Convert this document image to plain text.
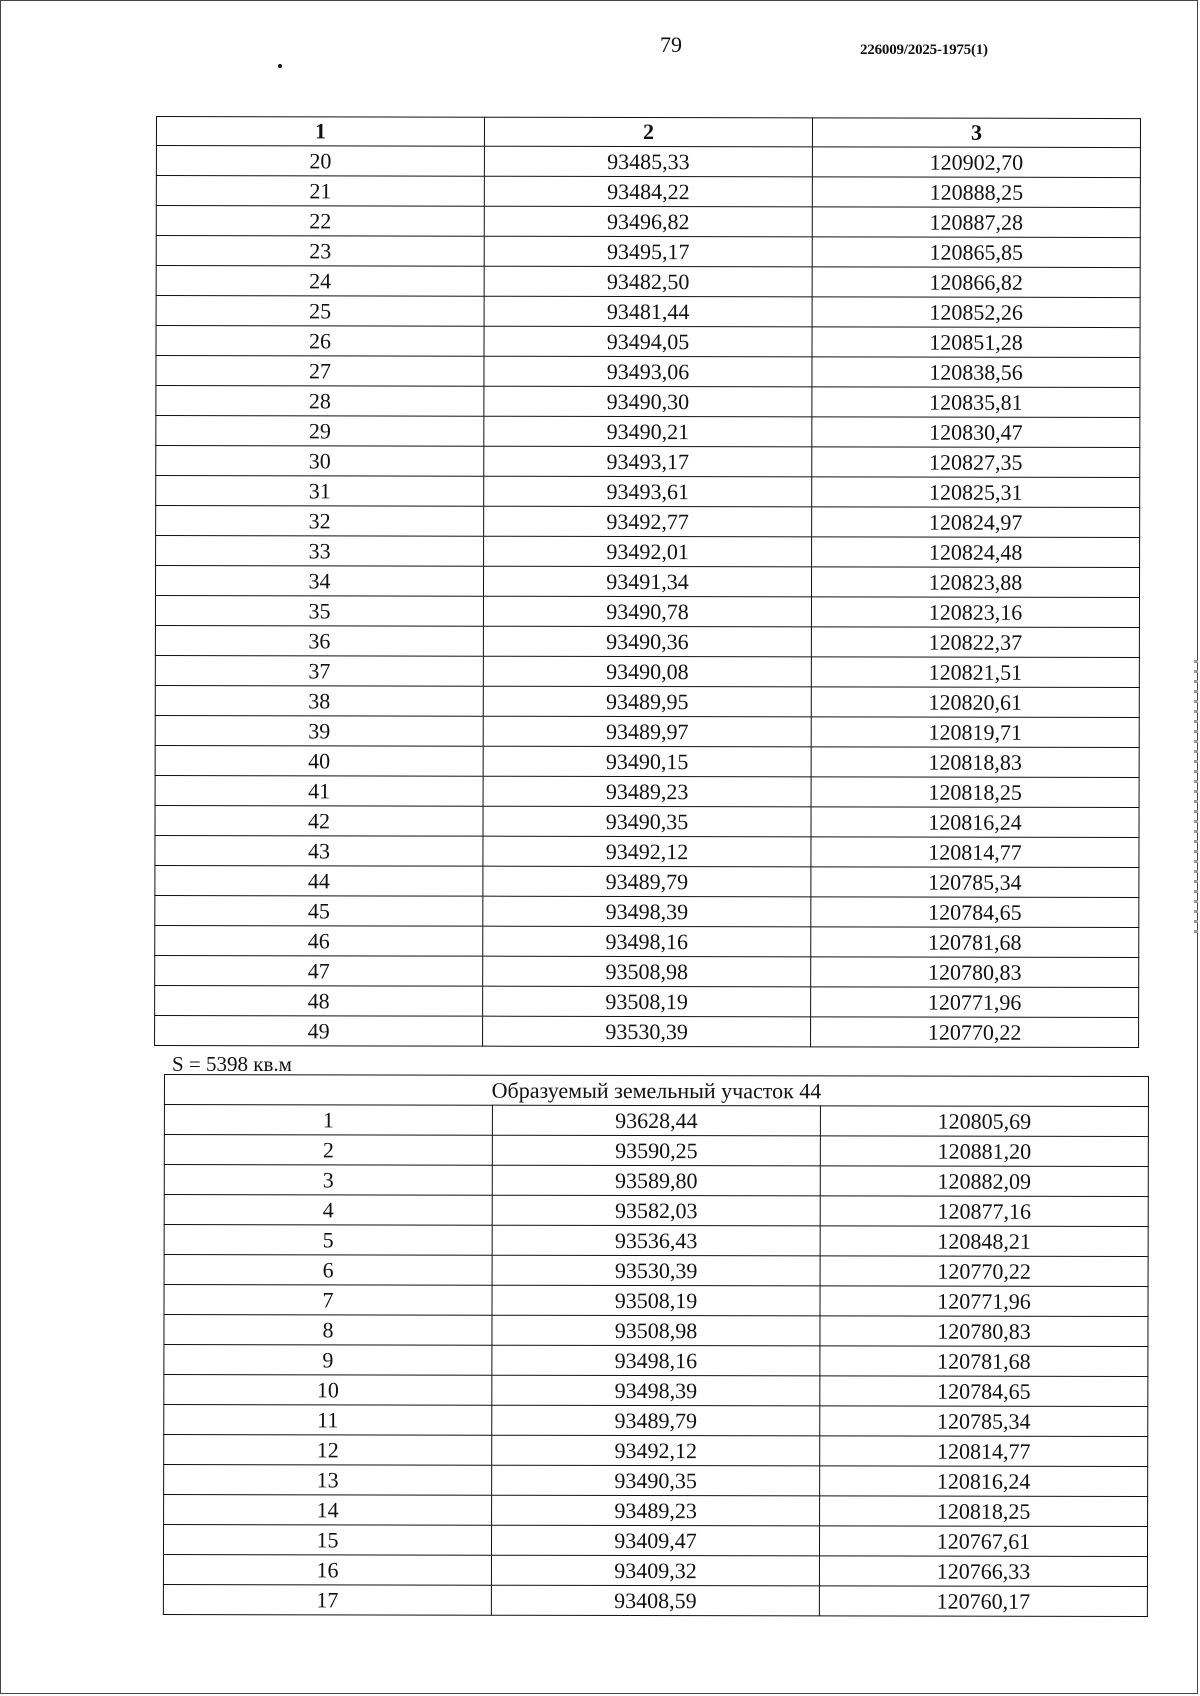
79	226009/2025-1975(1)
1	2	3
20	93485,33	120902,70
21	93484,22	120888,25
22	93496,82	120887,28
23	93495,17	120865,85
24	93482,50	120866,82
25	93481,44	120852,26
26	93494,05	120851,28
27	93493,06	120838,56
28	93490,30	120835,81
29	93490,21	120830,47
30	93493,17	120827,35
31	93493,61	120825,31
32	93492,77	120824,97
33	93492,01	120824,48
34	93491,34	120823,88
35	93490,78	120823,16
36	93490,36	120822,37
37	93490,08	120821,51
38	93489,95	120820,61
39	93489,97	120819,71
40	93490,15	120818,83
41	93489,23	120818,25
42	93490,35	120816,24
43	93492,12	120814,77
44	93489,79	120785,34
45	93498,39	120784,65
46	93498,16	120781,68
47	93508,98	120780,83
48	93508,19	120771,96
49	93530,39	120770,22
S = 5398 кв.м
Образуемый земельный участок 44		
1	93628,44	120805,69
2	93590,25	120881,20
3	93589,80	120882,09
4	93582,03	120877,16
5	93536,43	120848,21
6	93530,39	120770,22
7	93508,19	120771,96
8	93508,98	120780,83
9	93498,16	120781,68
10	93498,39	120784,65
11	93489,79	120785,34
12	93492,12	120814,77
13	93490,35	120816,24
14	93489,23	120818,25
15	93409,47	120767,61
16	93409,32	120766,33
17	93408,59	120760,17
